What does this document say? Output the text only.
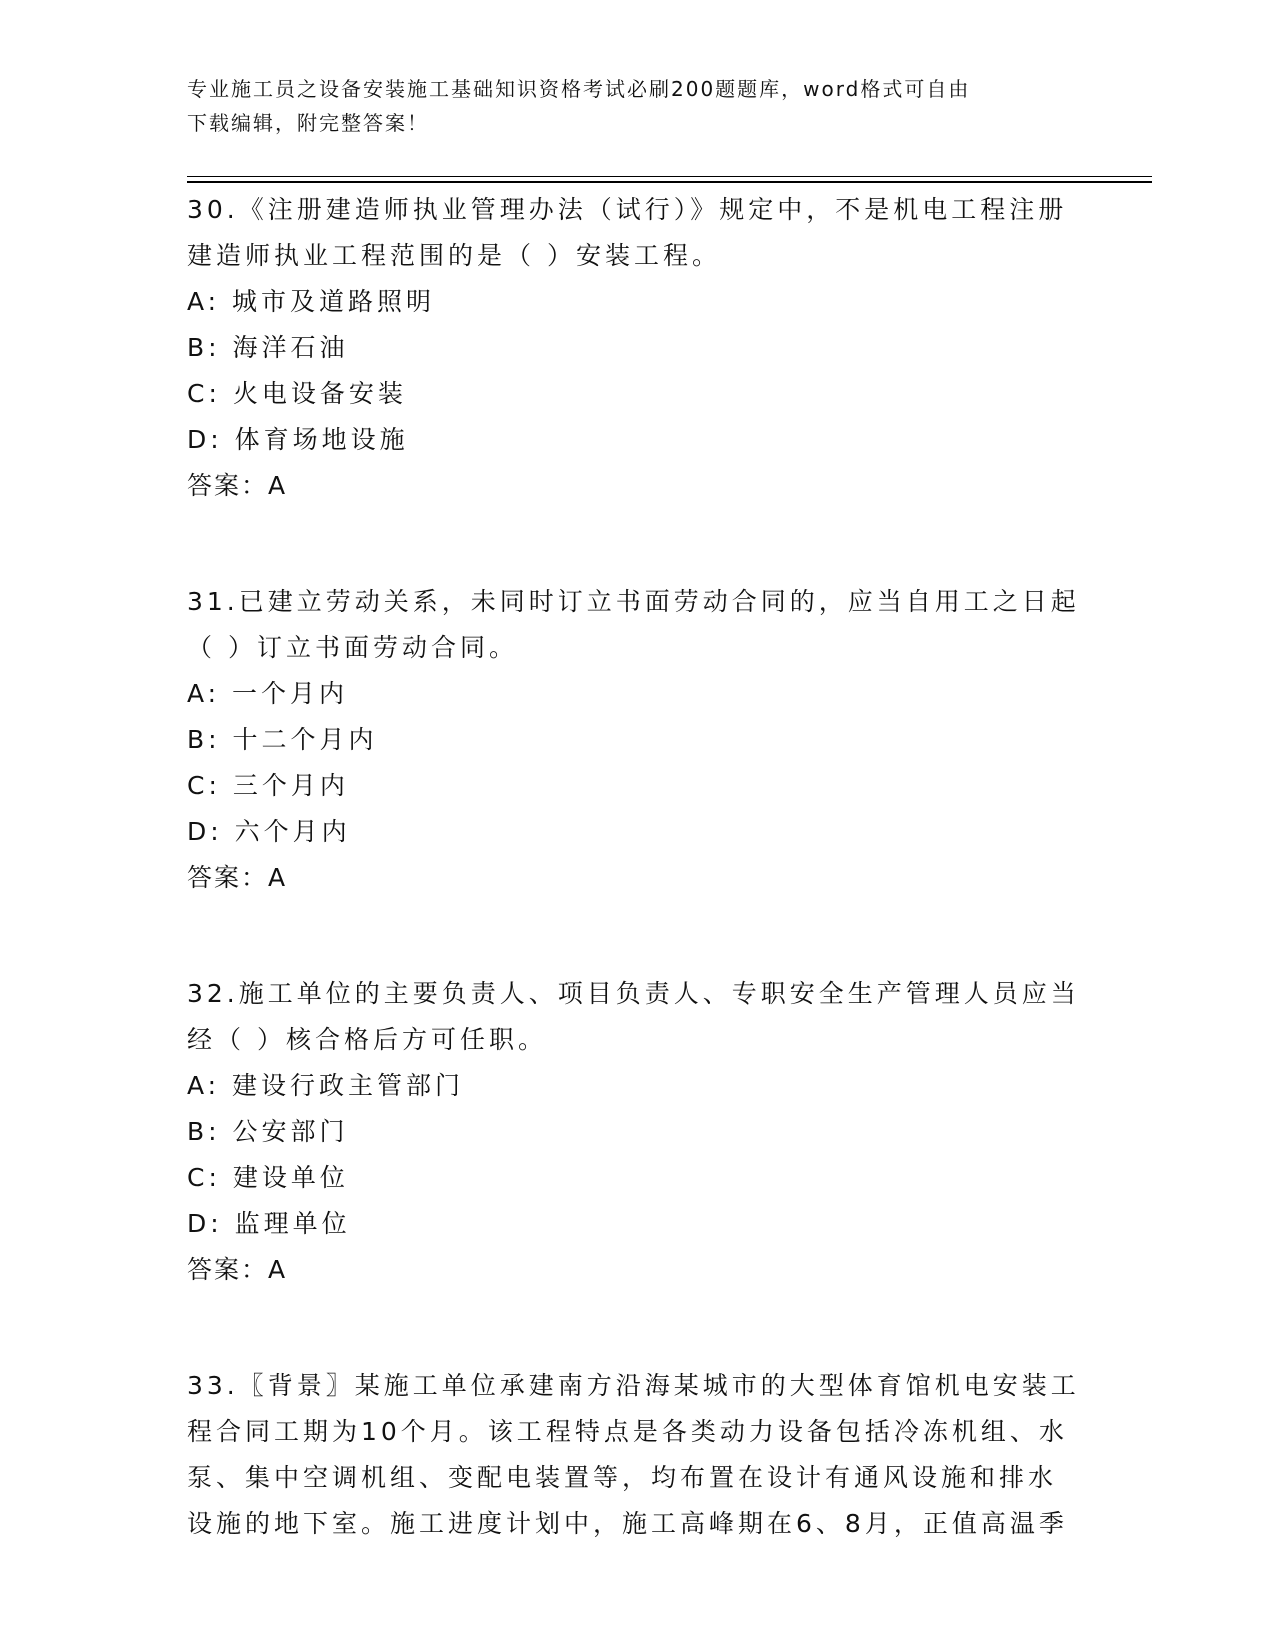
专业施工员之设备安装施工基础知识资格考试必刷200题题库，word格式可自由
下载编辑，附完整答案！
30.《注册建造师执业管理办法（试行）》规定中，不是机电工程注册
建造师执业工程范围的是（ ）安装工程。
A: 城市及道路照明
B: 海洋石油
C: 火电设备安装
D: 体育场地设施
答案：A
31.已建立劳动关系，未同时订立书面劳动合同的，应当自用工之日起
（ ）订立书面劳动合同。
A: 一个月内
B: 十二个月内
C: 三个月内
D: 六个月内
答案：A
32.施工单位的主要负责人、项目负责人、专职安全生产管理人员应当
经（ ）核合格后方可任职。
A: 建设行政主管部门
B: 公安部门
C: 建设单位
D: 监理单位
答案：A
33.〖背景〗某施工单位承建南方沿海某城市的大型体育馆机电安装工
程合同工期为10个月。该工程特点是各类动力设备包括冷冻机组、水
泵、集中空调机组、变配电装置等，均布置在设计有通风设施和排水
设施的地下室。施工进度计划中，施工高峰期在6、8月，正值高温季
